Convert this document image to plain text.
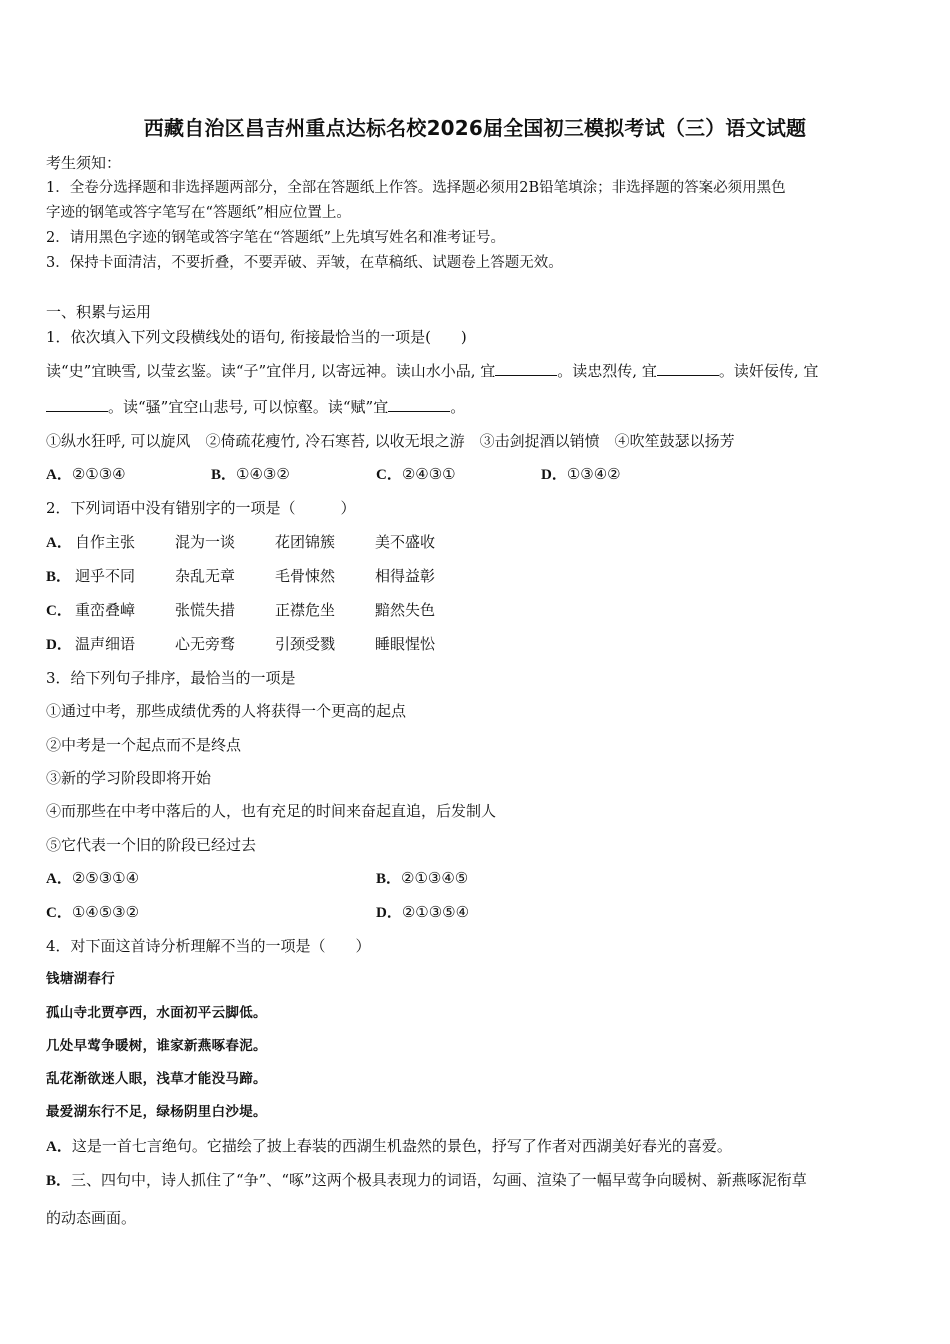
西藏自治区昌吉州重点达标名校2026届全国初三模拟考试（三）语文试题
考生须知：
1．全卷分选择题和非选择题两部分，全部在答题纸上作答。选择题必须用2B铅笔填涂；非选择题的答案必须用黑色
字迹的钢笔或答字笔写在“答题纸”相应位置上。
2．请用黑色字迹的钢笔或答字笔在“答题纸”上先填写姓名和准考证号。
3．保持卡面清洁，不要折叠，不要弄破、弄皱，在草稿纸、试题卷上答题无效。
一、积累与运用
1．依次填入下列文段横线处的语句, 衔接最恰当的一项是(　　)
读“史”宜映雪, 以莹玄鉴。读“子”宜伴月, 以寄远神。读山水小品, 宜	。读忠烈传, 宜	。读奸佞传, 宜
。读“骚”宜空山悲号, 可以惊壑。读“赋”宜	。
①纵水狂呼, 可以旋风　②倚疏花瘦竹, 冷石寒苔, 以收无垠之游　③击剑捉酒以销愤　④吹笙鼓瑟以扬芳
A．②①③④	B．①④③②	C．②④③①	D．①③④②
2．下列词语中没有错别字的一项是（　　　）
A． 自作主张	混为一谈	花团锦簇	美不盛收
B． 迥乎不同	杂乱无章	毛骨悚然	相得益彰
C． 重峦叠嶂	张慌失措	正襟危坐	黯然失色
D． 温声细语	心无旁骛	引颈受戮	睡眼惺忪
3．给下列句子排序，最恰当的一项是
①通过中考，那些成绩优秀的人将获得一个更高的起点
②中考是一个起点而不是终点
③新的学习阶段即将开始
④而那些在中考中落后的人，也有充足的时间来奋起直追，后发制人
⑤它代表一个旧的阶段已经过去
A．②⑤③①④	B．②①③④⑤
C．①④⑤③②	D．②①③⑤④
4．对下面这首诗分析理解不当的一项是（　　）
钱塘湖春行
孤山寺北贾亭西，水面初平云脚低。
几处早莺争暖树，谁家新燕啄春泥。
乱花渐欲迷人眼，浅草才能没马蹄。
最爱湖东行不足，绿杨阴里白沙堤。
A．这是一首七言绝句。它描绘了披上春装的西湖生机盎然的景色，抒写了作者对西湖美好春光的喜爱。
B．三、四句中，诗人抓住了“争”、“啄”这两个极具表现力的词语，勾画、渲染了一幅早莺争向暖树、新燕啄泥衔草
的动态画面。
